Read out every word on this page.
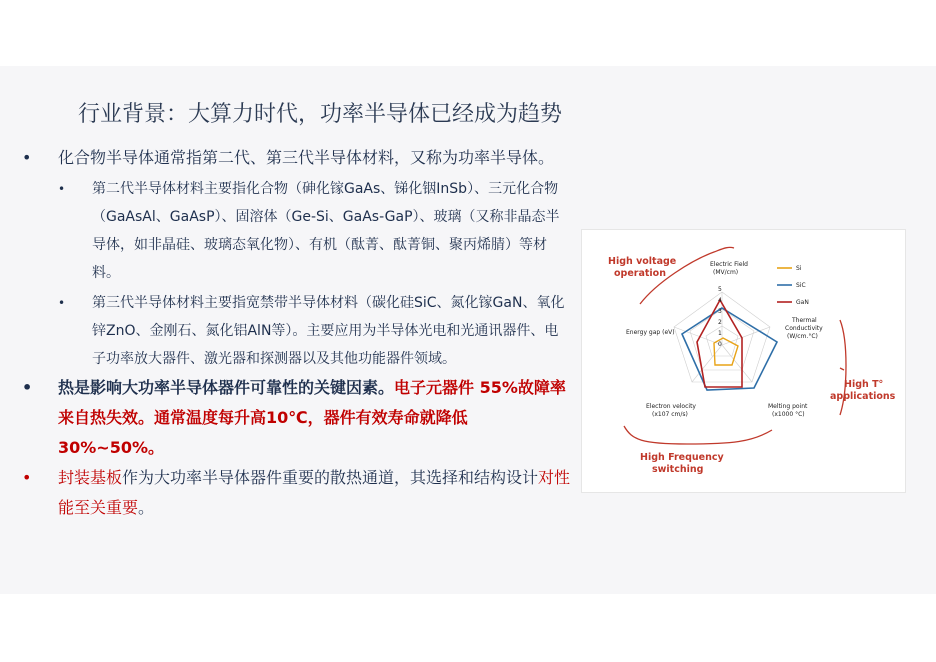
行业背景：大算力时代，功率半导体已经成为趋势
• 化合物半导体通常指第二代、第三代半导体材料，又称为功率半导体。
• 第二代半导体材料主要指化合物（砷化镓GaAs、锑化铟InSb）、三元化合物（GaAsAl、GaAsP）、固溶体（Ge-Si、GaAs-GaP）、玻璃（又称非晶态半导体，如非晶硅、玻璃态氧化物）、有机（酞菁、酞菁铜、聚丙烯腈）等材料。
• 第三代半导体材料主要指宽禁带半导体材料（碳化硅SiC、氮化镓GaN、氧化锌ZnO、金刚石、氮化铝AlN等）。主要应用为半导体光电和光通讯器件、电子功率放大器件、激光器和探测器以及其他功能器件领域。
• 热是影响大功率半导体器件可靠性的关键因素。电子元器件 55%故障率来自热失效。通常温度每升高10℃，器件有效寿命就降低30%~50%。
• 封装基板作为大功率半导体器件重要的散热通道，其选择和结构设计对性能至关重要。
5
4
3
2
1
0
Electric Field
(MV/cm)
Thermal
Conductivity
(W/cm.°C)
Melting point
(x1000 °C)
Electron velocity
(x107 cm/s)
Energy gap (eV)
Si
SiC
GaN
High voltage
operation
High T°
applications
High Frequency
switching
